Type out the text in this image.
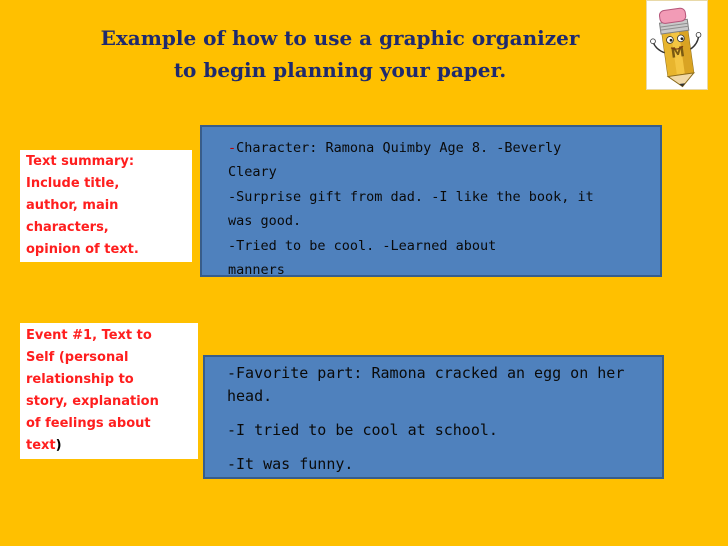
Example of how to use a graphic organizer
to begin planning your paper.
M
Text summary:
Include title,
author, main
characters,
opinion of text.
-Character: Ramona Quimby Age 8. -Beverly
Cleary
-Surprise gift from dad. -I like the book, it
was good.
-Tried to be cool. -Learned about
manners
Event #1, Text to
Self (personal
relationship to
story, explanation
of feelings about
text)
-Favorite part: Ramona cracked an egg on her
head.
-I tried to be cool at school.
-It was funny.
